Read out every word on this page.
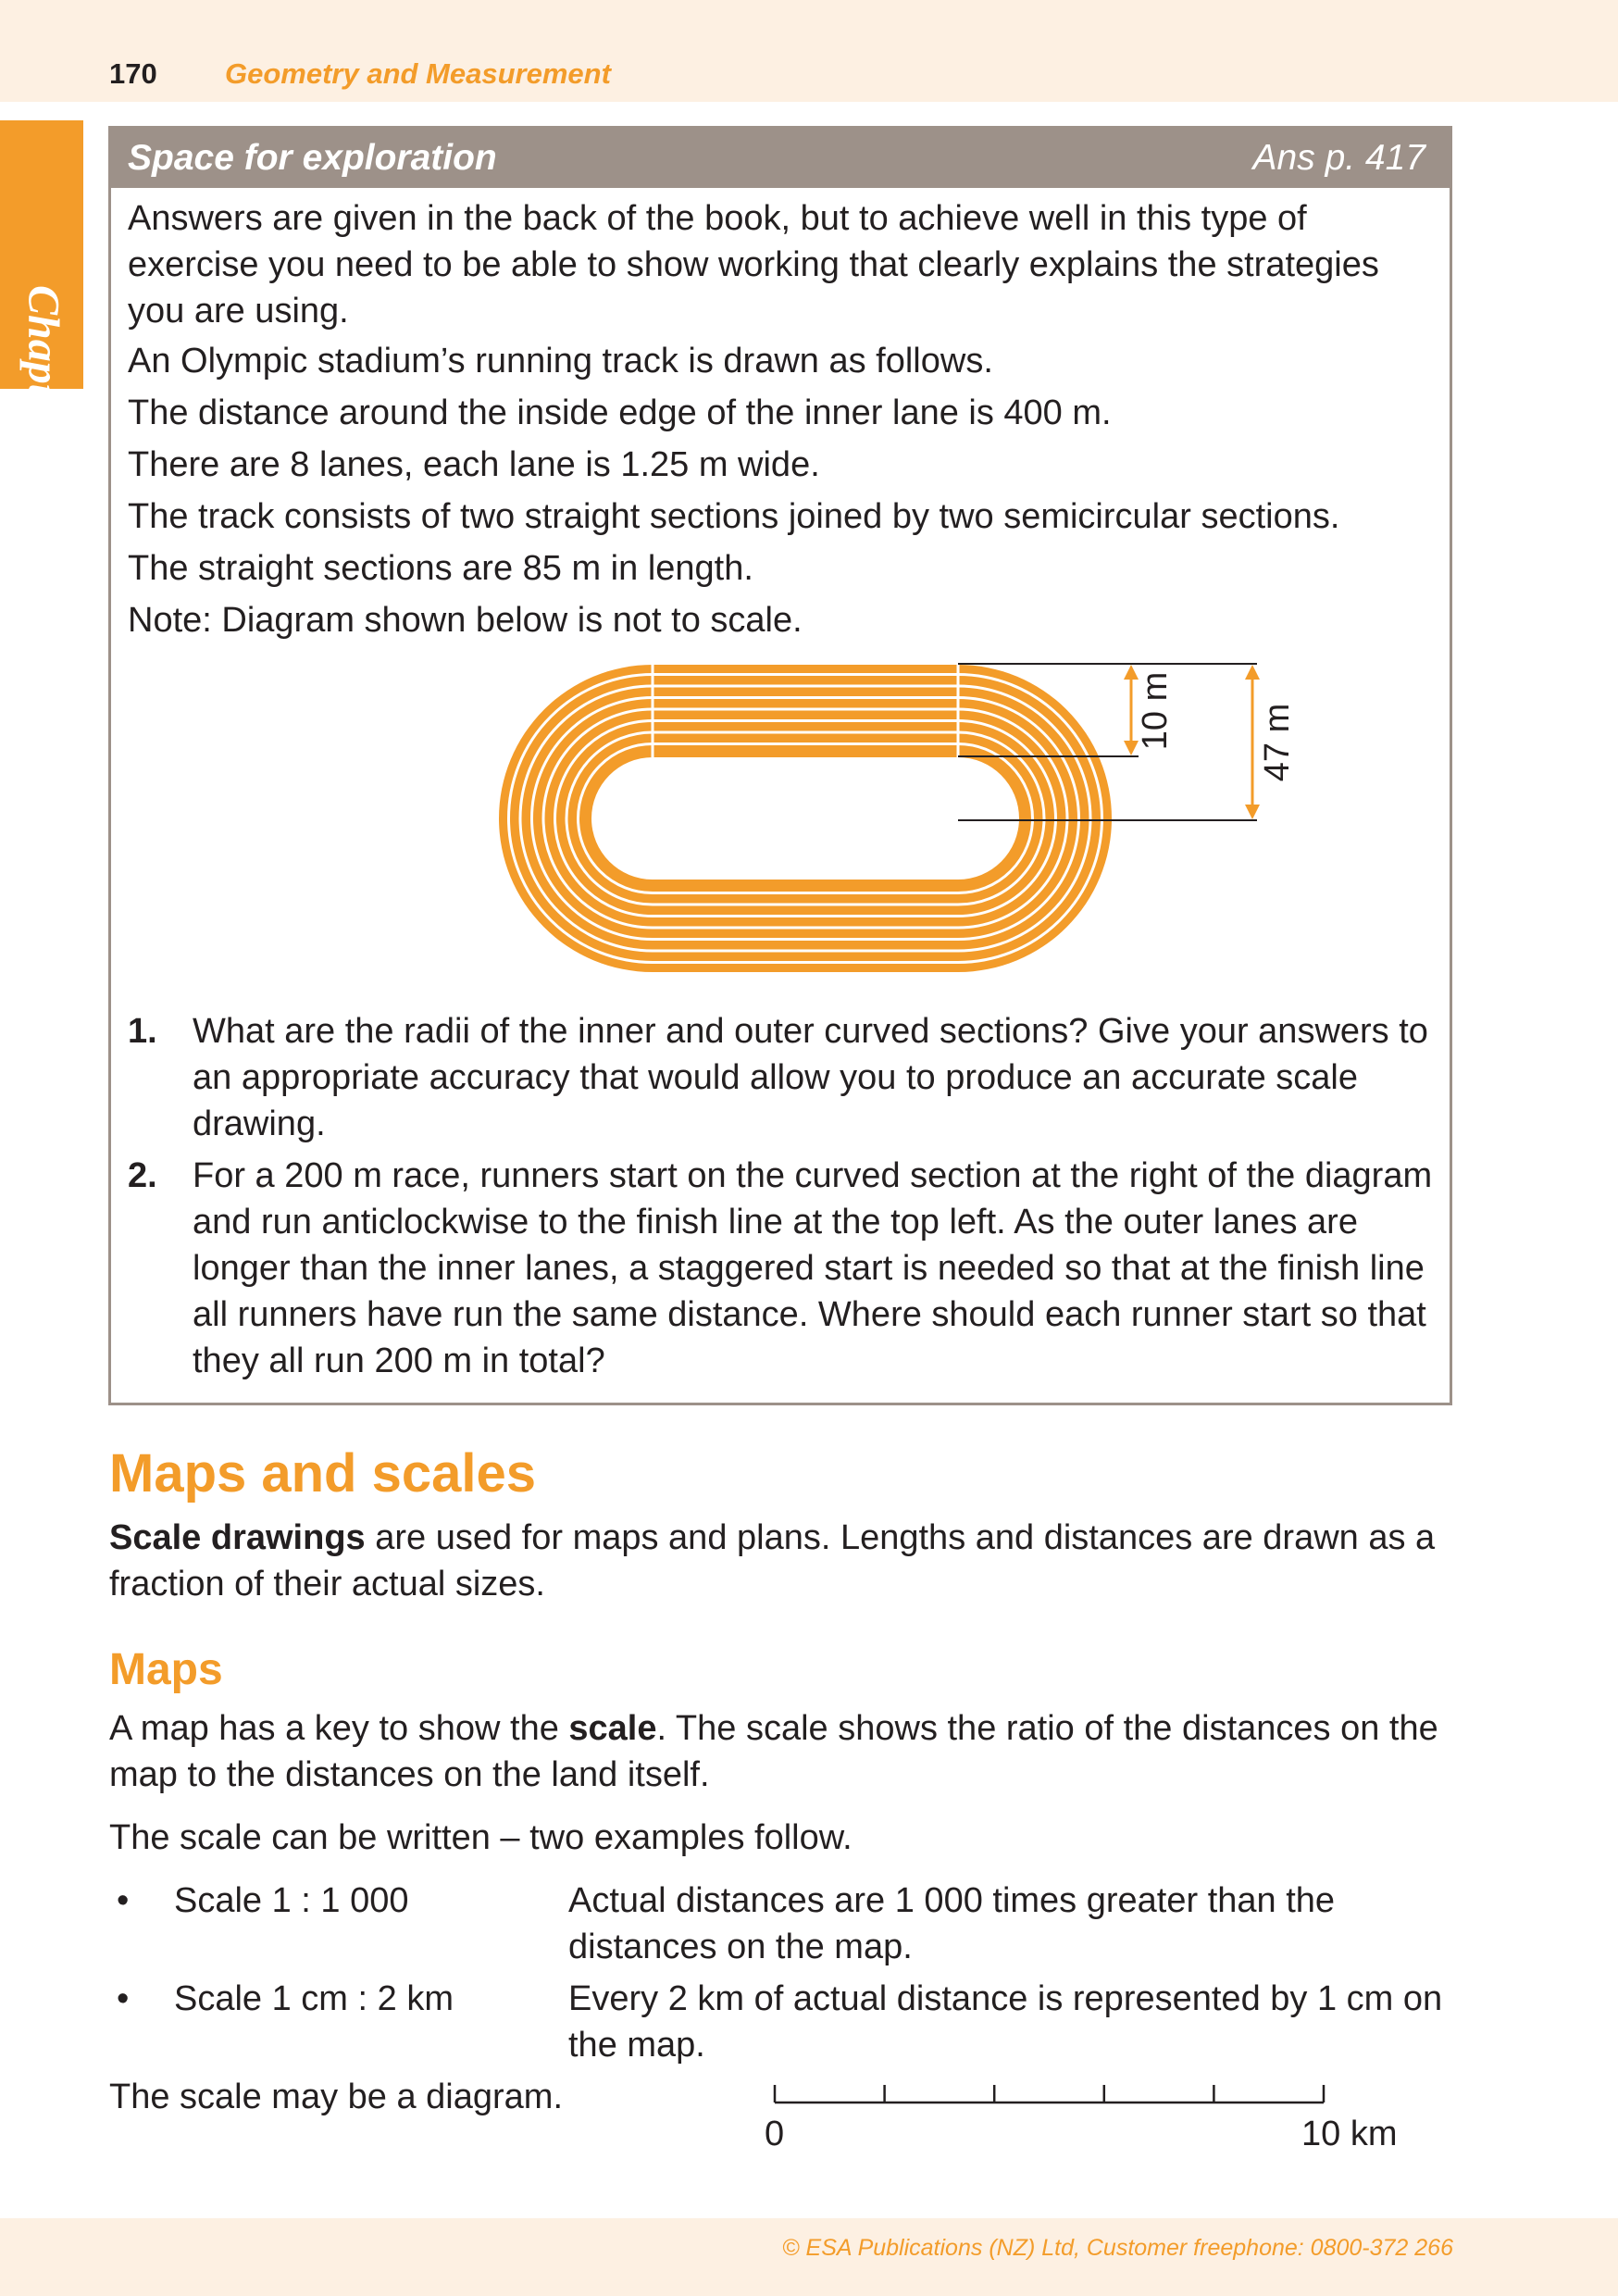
170 Geometry and Measurement
Chapter 9
Space for exploration	Ans p. 417

Answers are given in the back of the book, but to achieve well in this type of exercise you need to be able to show working that clearly explains the strategies you are using.

An Olympic stadium’s running track is drawn as follows.

The distance around the inside edge of the inner lane is 400 m.

There are 8 lanes, each lane is 1.25 m wide.

The track consists of two straight sections joined by two semicircular sections.

The straight sections are 85 m in length.

Note: Diagram shown below is not to scale.

1. What are the radii of the inner and outer curved sections? Give your answers to an appropriate accuracy that would allow you to produce an accurate scale drawing.
2. For a 200 m race, runners start on the curved section at the right of the diagram and run anticlockwise to the finish line at the top left. As the outer lanes are longer than the inner lanes, a staggered start is needed so that at the finish line all runners have run the same distance. Where should each runner start so that they all run 200 m in total?
10 m 47 m
Maps and scales

Scale drawings are used for maps and plans. Lengths and distances are drawn as a fraction of their actual sizes.

Maps

A map has a key to show the scale. The scale shows the ratio of the distances on the map to the distances on the land itself.

The scale can be written – two examples follow.

• Scale 1 : 1 000	Actual distances are 1 000 times greater than the distances on the map.
• Scale 1 cm : 2 km	Every 2 km of actual distance is represented by 1 cm on the map.

The scale may be a diagram.

0	10 km
© ESA Publications (NZ) Ltd, Customer freephone: 0800-372 266
